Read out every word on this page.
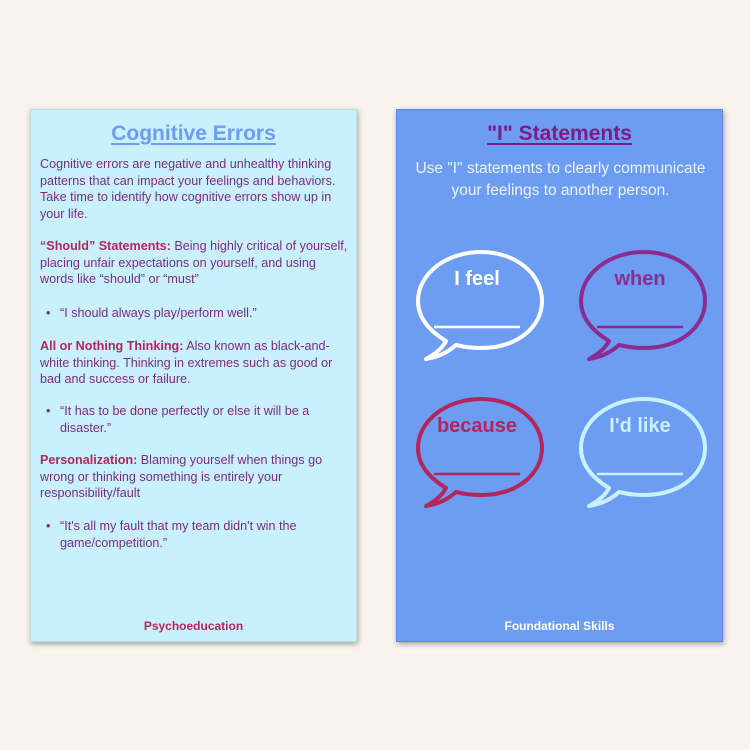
Cognitive Errors
Cognitive errors are negative and unhealthy thinking patterns that can impact your feelings and behaviors. Take time to identify how cognitive errors show up in your life.
“Should” Statements: Being highly critical of yourself, placing unfair expectations on yourself, and using words like “should” or “must”
• “I should always play/perform well.”
All or Nothing Thinking: Also known as black-and-white thinking. Thinking in extremes such as good or bad and success or failure.
• “It has to be done perfectly or else it will be a disaster.”
Personalization: Blaming yourself when things go wrong or thinking something is entirely your responsibility/fault
• “It's all my fault that my team didn't win the game/competition.”
Psychoeducation
"I" Statements
Use "I" statements to clearly communicate your feelings to another person.
I feel	when
because	I'd like
Foundational Skills
